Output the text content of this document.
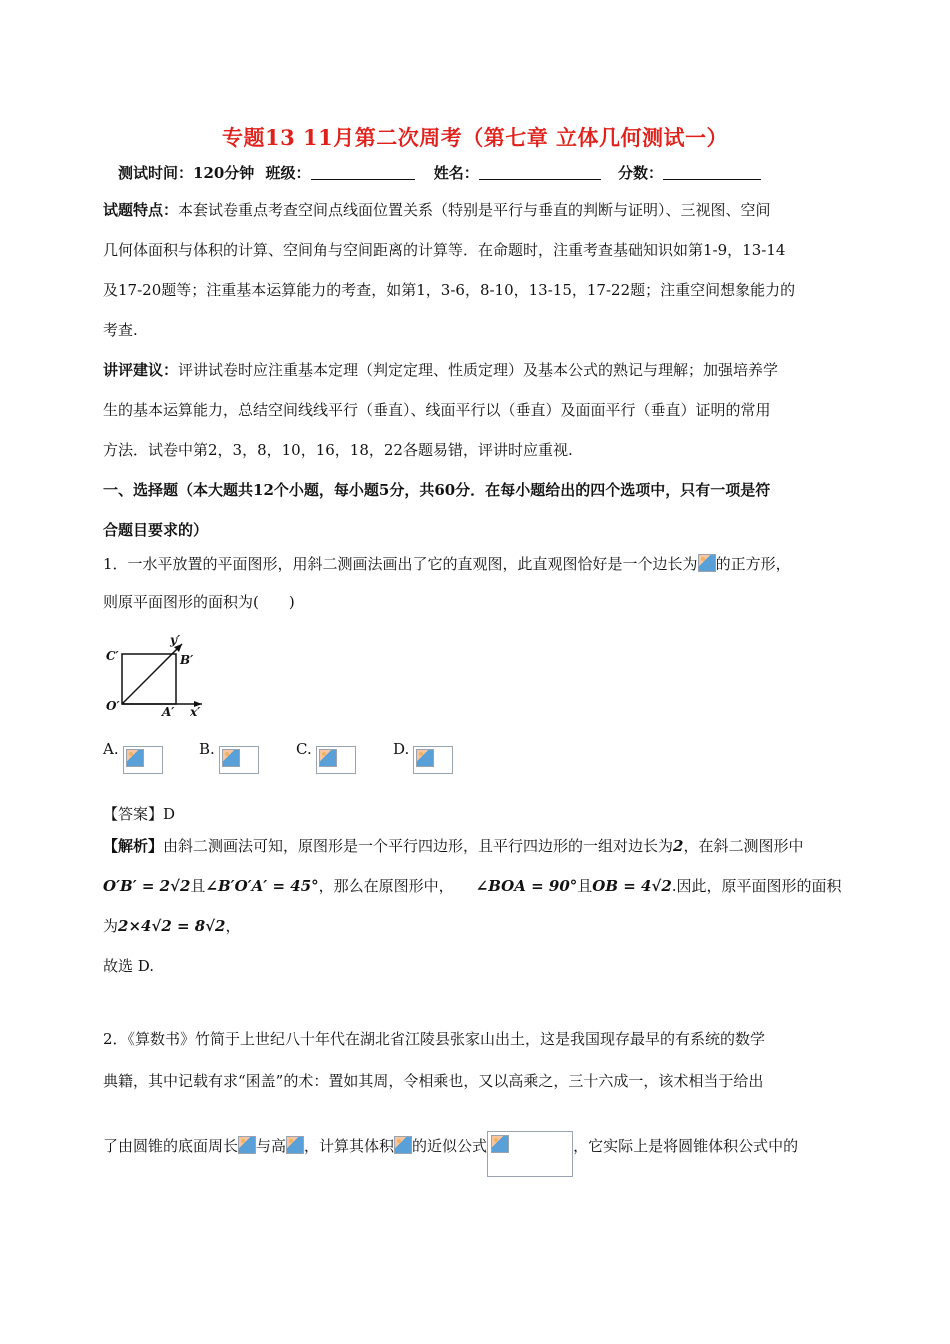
专题13 11月第二次周考（第七章 立体几何测试一）
测试时间：120分钟 班级：	姓名：	分数：
试题特点：本套试卷重点考查空间点线面位置关系（特别是平行与垂直的判断与证明）、三视图、空间
几何体面积与体积的计算、空间角与空间距离的计算等．在命题时，注重考查基础知识如第1-9，13-14
及17-20题等；注重基本运算能力的考查，如第1，3-6，8-10，13-15，17-22题；注重空间想象能力的
考查.
讲评建议：评讲试卷时应注重基本定理（判定定理、性质定理）及基本公式的熟记与理解；加强培养学
生的基本运算能力，总结空间线线平行（垂直）、线面平行以（垂直）及面面平行（垂直）证明的常用
方法．试卷中第2，3，8，10，16，18，22各题易错，评讲时应重视.
一、选择题（本大题共12个小题，每小题5分，共60分．在每小题给出的四个选项中，只有一项是符
合题目要求的）
1．一水平放置的平面图形，用斜二测画法画出了它的直观图，此直观图恰好是一个边长为 的正方形，
则原平面图形的面积为(　　)
C′	B′
O′	A′ x′
y′
A.	B.	C.	D.
【答案】D
【解析】由斜二测画法可知，原图形是一个平行四边形，且平行四边形的一组对边长为2，在斜二测图形中
O′B′ = 2√2且∠B′O′A′ = 45°，那么在原图形中， ∠BOA = 90°且OB = 4√2.因此，原平面图形的面积
为2×4√2 = 8√2，
故选 D.
2．《算数书》竹简于上世纪八十年代在湖北省江陵县张家山出土，这是我国现存最早的有系统的数学
典籍，其中记载有求“囷盖”的术：置如其周，令相乘也，又以高乘之，三十六成一，该术相当于给出
了由圆锥的底面周长 与高 ，计算其体积 的近似公式	，它实际上是将圆锥体积公式中的
